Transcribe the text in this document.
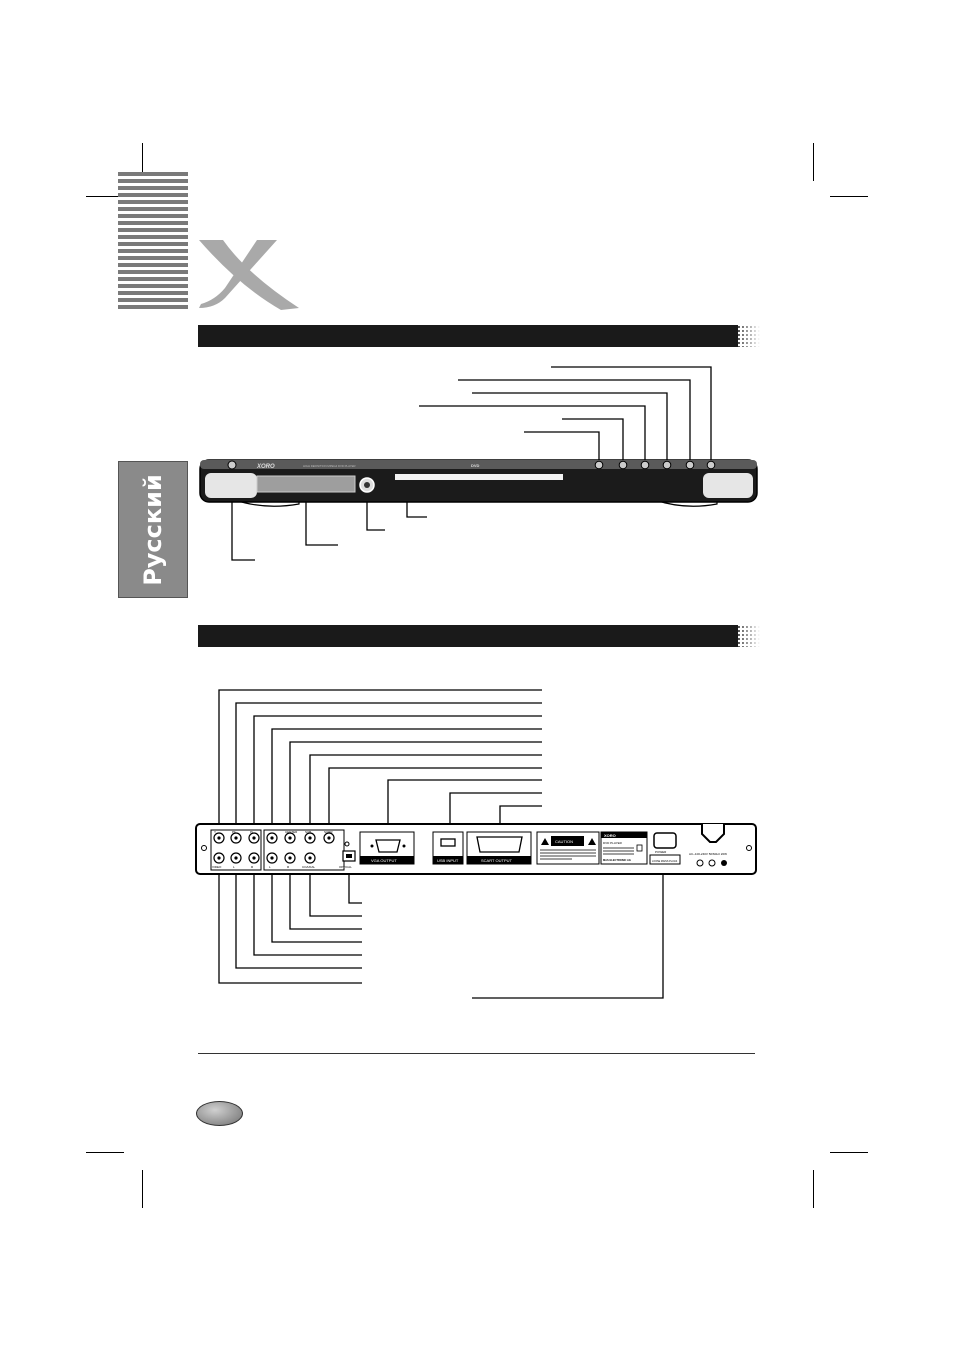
Русский
XORO	HIGH DEFINITION MPEG4 DVD PLAYER	DVD
Y	Pb	Pr	CENTER	SUB	SURR
VIDEO	L	R	L	R	COAXIAL	OPTICAL
VGA OUTPUT	USB INPUT	SCART OUTPUT
CAUTION
XORO
DVD PLAYER
MAS ELECTRONIC AG
POWER
LOOSE MAINS PLUGS
AC~100-240V 50/60Hz 20W
